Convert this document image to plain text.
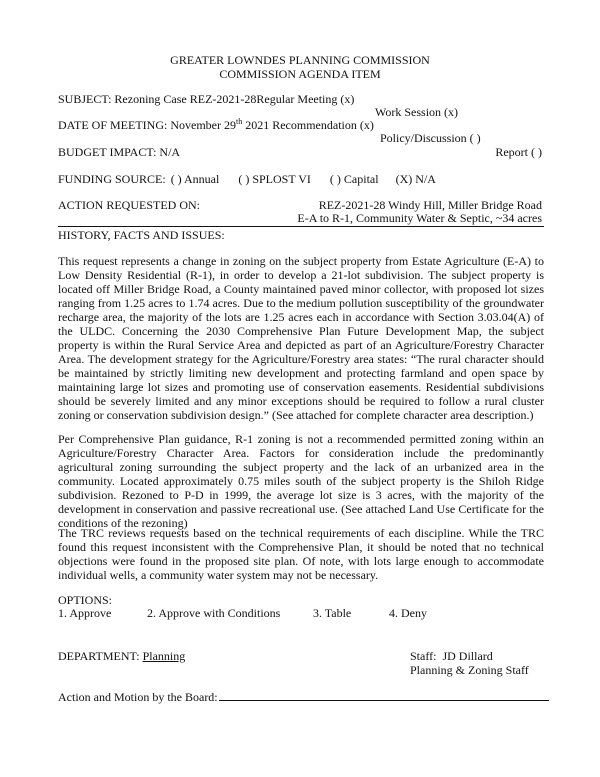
GREATER LOWNDES PLANNING COMMISSION
COMMISSION AGENDA ITEM
SUBJECT: Rezoning Case REZ-2021-28Regular Meeting (x)
Work Session (x)
DATE OF MEETING: November 29th 2021 Recommendation (x)
Policy/Discussion ( )
BUDGET IMPACT: N/A	Report ( )
FUNDING SOURCE: ( ) Annual ( ) SPLOST VI ( ) Capital (X) N/A
ACTION REQUESTED ON:	REZ-2021-28 Windy Hill, Miller Bridge Road
E-A to R-1, Community Water & Septic, ~34 acres
HISTORY, FACTS AND ISSUES:
This request represents a change in zoning on the subject property from Estate Agriculture (E-A) to Low Density Residential (R-1), in order to develop a 21-lot subdivision. The subject property is located off Miller Bridge Road, a County maintained paved minor collector, with proposed lot sizes ranging from 1.25 acres to 1.74 acres. Due to the medium pollution susceptibility of the groundwater recharge area, the majority of the lots are 1.25 acres each in accordance with Section 3.03.04(A) of the ULDC. Concerning the 2030 Comprehensive Plan Future Development Map, the subject property is within the Rural Service Area and depicted as part of an Agriculture/Forestry Character Area. The development strategy for the Agriculture/Forestry area states: “The rural character should be maintained by strictly limiting new development and protecting farmland and open space by maintaining large lot sizes and promoting use of conservation easements. Residential subdivisions should be severely limited and any minor exceptions should be required to follow a rural cluster zoning or conservation subdivision design.” (See attached for complete character area description.)
Per Comprehensive Plan guidance, R-1 zoning is not a recommended permitted zoning within an Agriculture/Forestry Character Area. Factors for consideration include the predominantly agricultural zoning surrounding the subject property and the lack of an urbanized area in the community. Located approximately 0.75 miles south of the subject property is the Shiloh Ridge subdivision. Rezoned to P-D in 1999, the average lot size is 3 acres, with the majority of the development in conservation and passive recreational use. (See attached Land Use Certificate for the conditions of the rezoning)
The TRC reviews requests based on the technical requirements of each discipline. While the TRC found this request inconsistent with the Comprehensive Plan, it should be noted that no technical objections were found in the proposed site plan. Of note, with lots large enough to accommodate individual wells, a community water system may not be necessary.
OPTIONS:
1. Approve	2. Approve with Conditions	3. Table	4. Deny
DEPARTMENT: Planning	Staff: JD Dillard
Planning & Zoning Staff
Action and Motion by the Board:
